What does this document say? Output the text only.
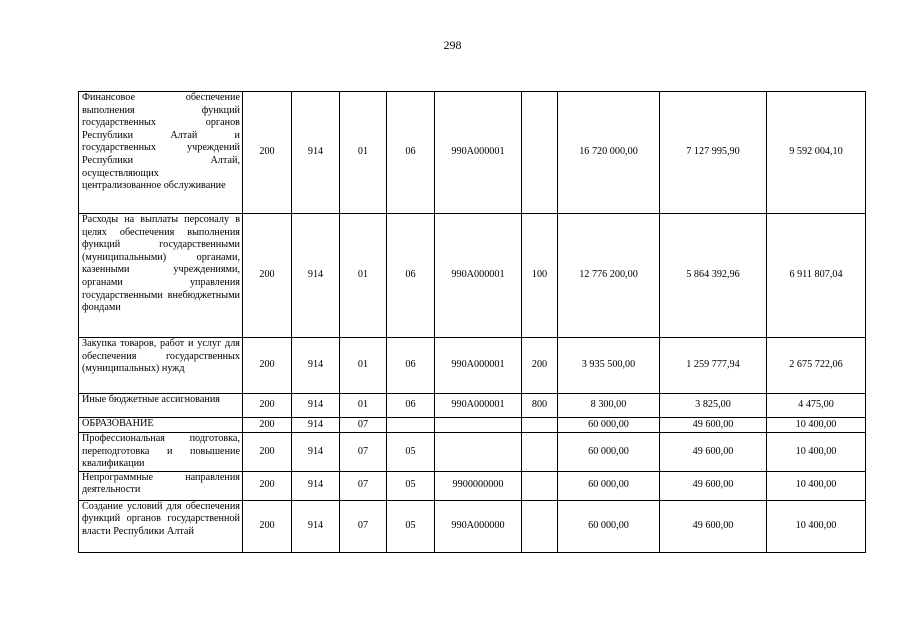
298
Финансовое обеспечение выполнения функций государственных органов Республики Алтай и государственных учреждений Республики Алтай, осуществляющих централизованное обслуживание	200	914	01	06	990А000001		16 720 000,00	7 127 995,90	9 592 004,10
Расходы на выплаты персоналу в целях обеспечения выполнения функций государственными (муниципальными) органами, казенными учреждениями, органами управления государственными внебюджетными фондами	200	914	01	06	990А000001	100	12 776 200,00	5 864 392,96	6 911 807,04
Закупка товаров, работ и услуг для обеспечения государственных (муниципальных) нужд	200	914	01	06	990А000001	200	3 935 500,00	1 259 777,94	2 675 722,06
Иные бюджетные ассигнования	200	914	01	06	990А000001	800	8 300,00	3 825,00	4 475,00
ОБРАЗОВАНИЕ	200	914	07				60 000,00	49 600,00	10 400,00
Профессиональная подготовка, переподготовка и повышение квалификации	200	914	07	05			60 000,00	49 600,00	10 400,00
Непрограммные направления деятельности	200	914	07	05	9900000000		60 000,00	49 600,00	10 400,00
Создание условий для обеспечения функций органов государственной власти Республики Алтай	200	914	07	05	990А000000		60 000,00	49 600,00	10 400,00
